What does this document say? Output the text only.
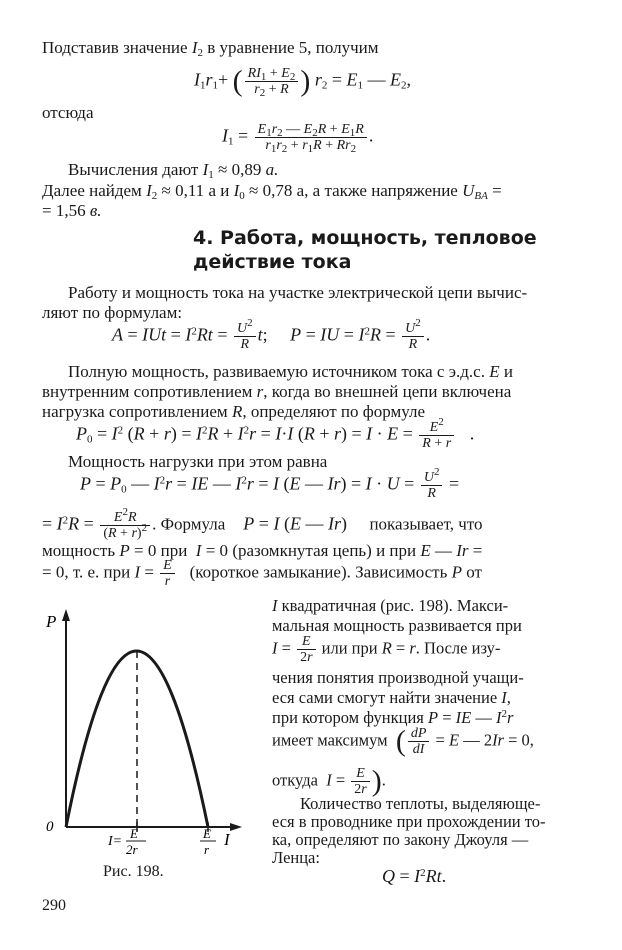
Подставив значение $I_2$ в уравнение 5, получим
$I_1r_1+$ ( $\frac{RI_1 + E_2}{r_2 + R}$ ) $r_2 = E_1$ — $E_2$,
отсюда
$I_1 = \frac{E_1r_2 — E_2R + E_1R}{r_1r_2 + r_1R + Rr_2}$ .
Вычисления дают $I_1 \approx 0,89$ а.
Далее найдем $I_2 \approx 0,11$ а и $I_0 \approx 0,78$ а, а также напряжение $U_{BA}$ =
= 1,56 в.
4. Работа, мощность, тепловое
действие тока
Работу и мощность тока на участке электрической цепи вычис-
ляют по формулам:
A = IUt = $I^2Rt = \frac{U^2}{R} t$;     P = IU = $I^2R = \frac{U^2}{R}$ .
Полную мощность, развиваемую источником тока с э.д.с. E и
внутренним сопротивлением r, когда во внешней цепи включена
нагрузка сопротивлением R, определяют по формуле
$P_0 = I^2$ $(R + r) = I^2R + I^2r = I\cdot I$ $(R + r) = I \cdot E = \frac{E^2}{R + r}$ .
Мощность нагрузки при этом равна
$P = P_0$ — $I^2r$ = IE — $I^2r = I$ (E — $Ir) = I \cdot U = \frac{U^2}{R}$ =
= $I^2R = \frac{E^2R}{(R + r)^2}$ . Формула P = I (E — Ir)     показывает, что
мощность P = 0 при I = 0 (разомкнутая цепь) и при E — Ir =
= 0, т. е. при $I = \frac{E}{r}$ (короткое замыкание). Зависимость P от
P
I
0
I=
E
2r
E
r
Рис. 198.
I квадратичная (рис. 198). Макси-
мальная мощность развивается при
$I = \frac{E}{2r}$ или при R = r. После изу-
чения понятия производной учащи-
еся сами смогут найти значение I,
при котором функция P = IE — $I^2r$
имеет максимум ( $\frac{dP}{dI} = E$ — 2Ir = 0,
откуда $I = \frac{E}{2r}$ ).
Количество теплоты, выделяюще-
еся в проводнике при прохождении то-
ка, определяют по закону Джоуля —
Ленца:
$Q = I^2Rt$.
290
